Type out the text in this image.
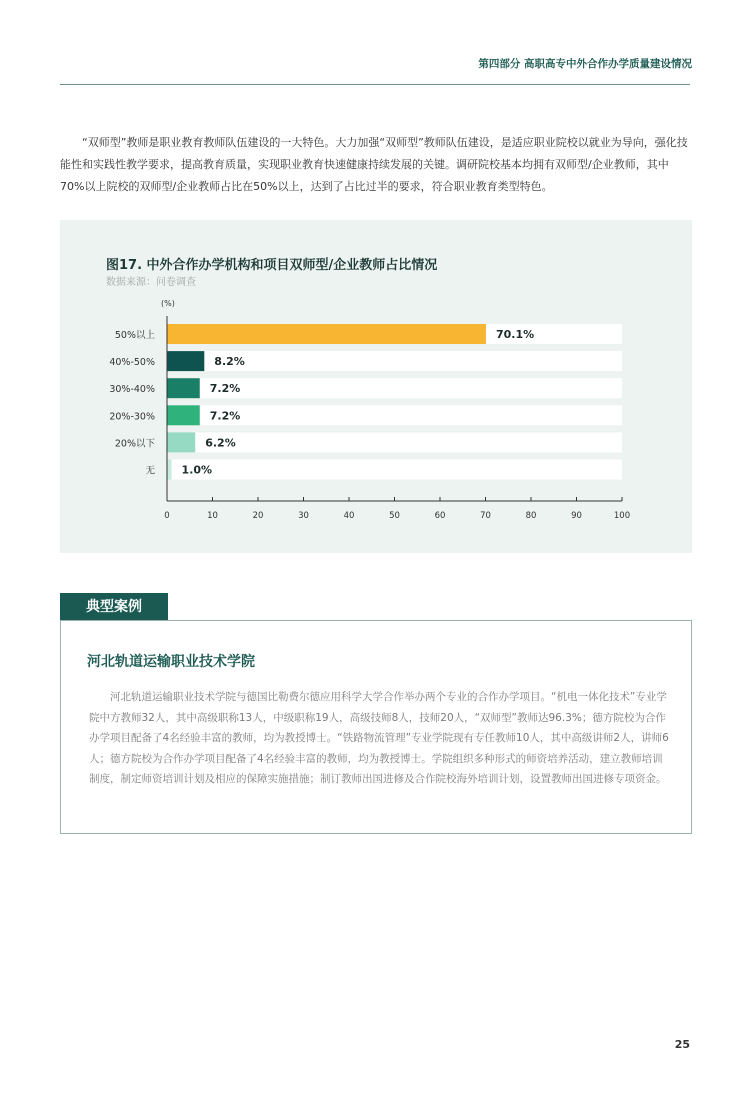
第四部分 高职高专中外合作办学质量建设情况

“双师型”教师是职业教育教师队伍建设的一大特色。大力加强“双师型”教师队伍建设，是适应职业院校以就业为导向，强化技能性和实践性教学要求，提高教育质量，实现职业教育快速健康持续发展的关键。调研院校基本均拥有双师型/企业教师，其中70%以上院校的双师型/企业教师占比在50%以上，达到了占比过半的要求，符合职业教育类型特色。

图17. 中外合作办学机构和项目双师型/企业教师占比情况
数据来源：问卷调查
(%)
50%以上	70.1%
40%-50%	8.2%
30%-40%	7.2%
20%-30%	7.2%
20%以下	6.2%
无 1.0%
0	10	20	30	40	50	60	70	80	90	100
典型案例
河北轨道运输职业技术学院

河北轨道运输职业技术学院与德国比勒费尔德应用科学大学合作举办两个专业的合作办学项目。“机电一体化技术”专业学院中方教师32人，其中高级职称13人，中级职称19人，高级技师8人，技师20人，“双师型”教师达96.3%；德方院校为合作办学项目配备了4名经验丰富的教师，均为教授博士。“铁路物流管理”专业学院现有专任教师10人，其中高级讲师2人，讲师6人；德方院校为合作办学项目配备了4名经验丰富的教师，均为教授博士。学院组织多种形式的师资培养活动，建立教师培训制度，制定师资培训计划及相应的保障实施措施；制订教师出国进修及合作院校海外培训计划，设置教师出国进修专项资金。

25
